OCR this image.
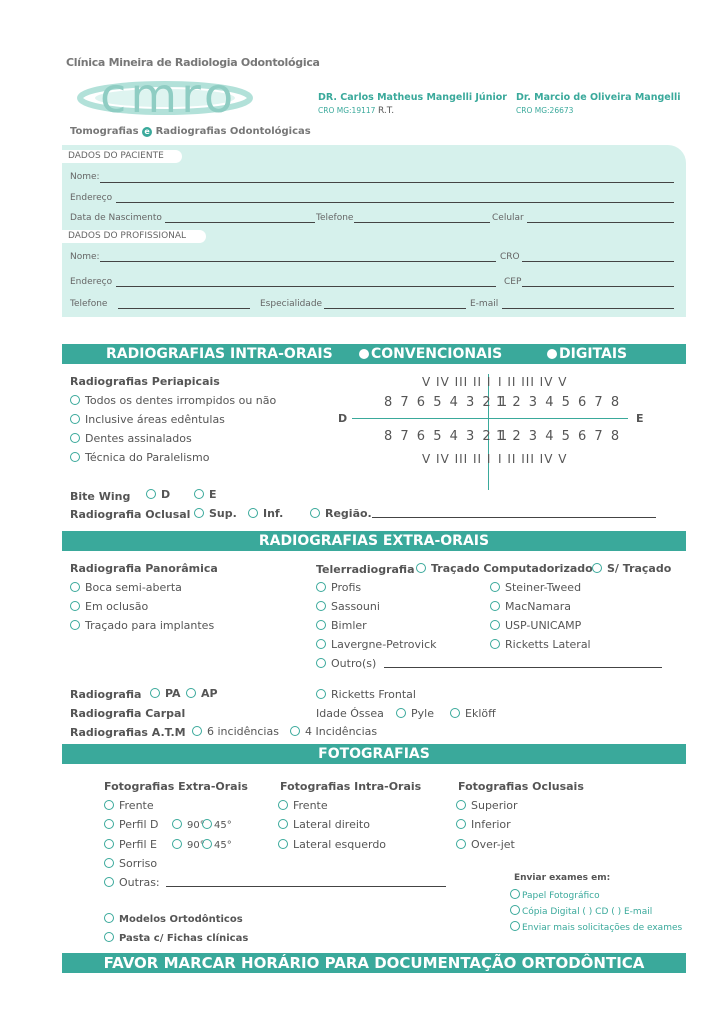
Clínica Mineira de Radiologia Odontológica
cmro
Tomografias e Radiografias Odontológicas
DR. Carlos Matheus Mangelli Júnior
CRO MG:19117 R.T.
Dr. Marcio de Oliveira Mangelli
CRO MG:26673
DADOS DO PACIENTE
Nome:
Endereço
Data de Nascimento	Telefone	Celular
DADOS DO PROFISSIONAL
Nome:	CRO
Endereço	CEP
Telefone	Especialidade	E-mail
RADIOGRAFIAS INTRA-ORAIS	CONVENCIONAIS	DIGITAIS
Radiografias Periapicais
Todos os dentes irrompidos ou não
Inclusive áreas edêntulas
Dentes assinalados
Técnica do Paralelismo
V IV III II I I II III IV V
8 7 6 5 4 3 2 1
1 2 3 4 5 6 7 8
D	E
8 7 6 5 4 3 2 1
1 2 3 4 5 6 7 8
V IV III II I I II III IV V
Bite Wing	D	E
Radiografia Oclusal	Sup.	Inf.	Região.
RADIOGRAFIAS EXTRA-ORAIS
Radiografia Panorâmica
Boca semi-aberta
Em oclusão
Traçado para implantes
Telerradiografia	Traçado Computadorizado	S/ Traçado
Profis
Sassouni
Bimler
Lavergne-Petrovick
Outro(s)
Steiner-Tweed
MacNamara
USP-UNICAMP
Ricketts Lateral
Radiografia	PA	AP	Ricketts Frontal
Radiografia Carpal	Idade Óssea	Pyle	Eklöff
Radiografias A.T.M	6 incidências	4 Incidências
FOTOGRAFIAS
Fotografias Extra-Orais	Fotografias Intra-Orais	Fotografias Oclusais
Frente
Perfil D	90° 45°
Perfil E	90° 45°
Sorriso
Outras:
Frente
Lateral direito
Lateral esquerdo
Superior
Inferior
Over-jet
Modelos Ortodônticos
Pasta c/ Fichas clínicas
Enviar exames em:
Papel Fotográfico
Cópia Digital ( ) CD ( ) E-mail
Enviar mais solicitações de exames
FAVOR MARCAR HORÁRIO PARA DOCUMENTAÇÃO ORTODÔNTICA
